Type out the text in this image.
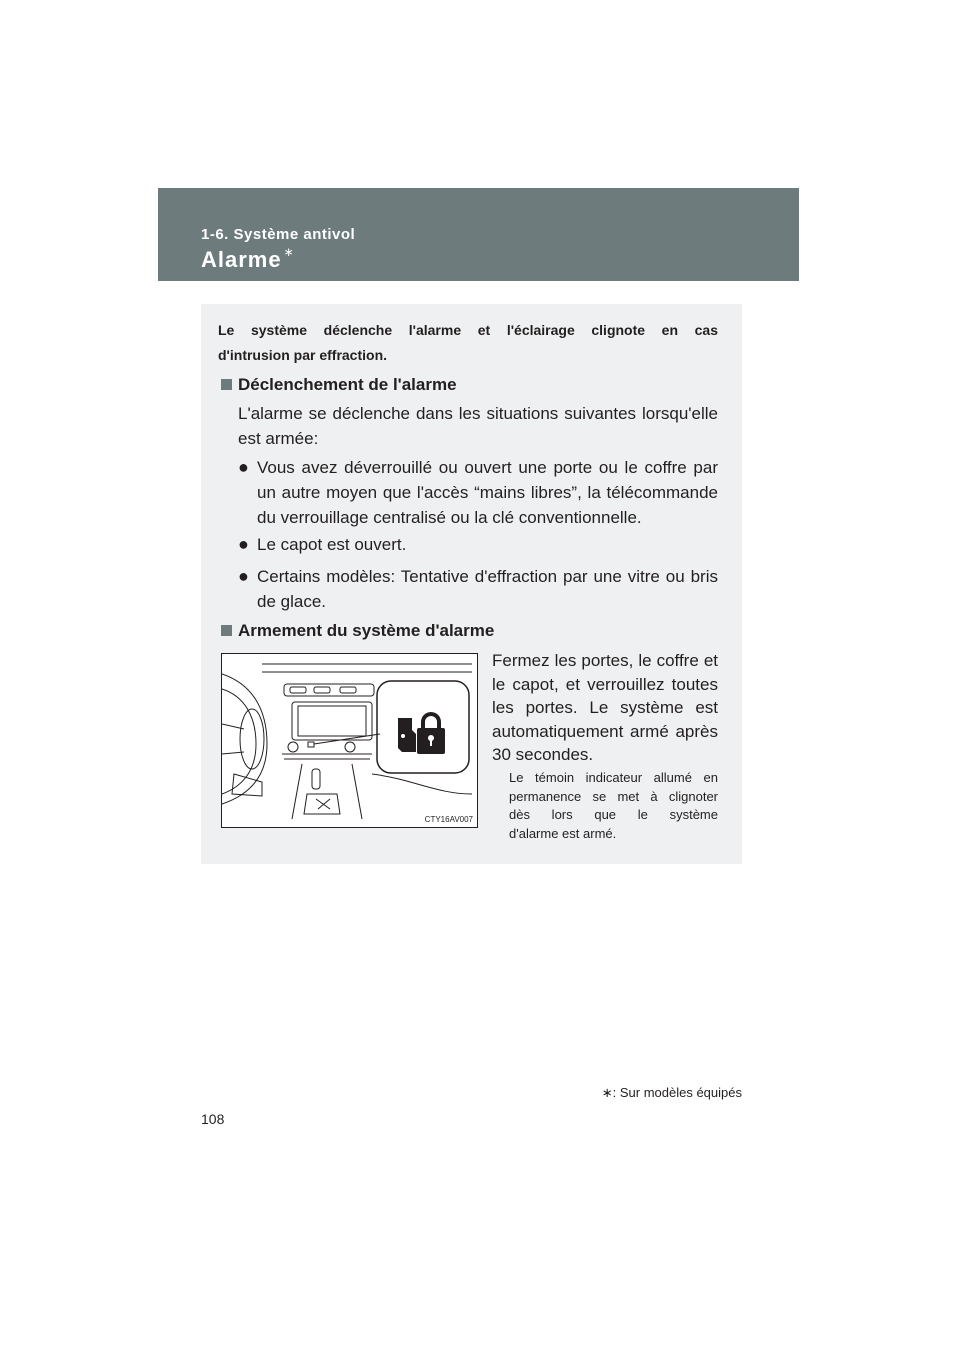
1-6. Système antivol
Alarme ∗
Le système déclenche l'alarme et l'éclairage clignote en cas
d'intrusion par effraction.
Déclenchement de l'alarme
L'alarme se déclenche dans les situations suivantes lorsqu'elle est armée:
● Vous avez déverrouillé ou ouvert une porte ou le coffre par un autre moyen que l'accès “mains libres”, la télécommande du verrouillage centralisé ou la clé conventionnelle.
● Le capot est ouvert.
● Certains modèles: Tentative d'effraction par une vitre ou bris de glace.
Armement du système d'alarme
CTY16AV007
Fermez les portes, le coffre et
le capot, et verrouillez toutes
les portes. Le système est
automatiquement armé après
30 secondes.
Le témoin indicateur allumé en
permanence se met à clignoter
dès lors que le système
d'alarme est armé.
∗: Sur modèles équipés
108
